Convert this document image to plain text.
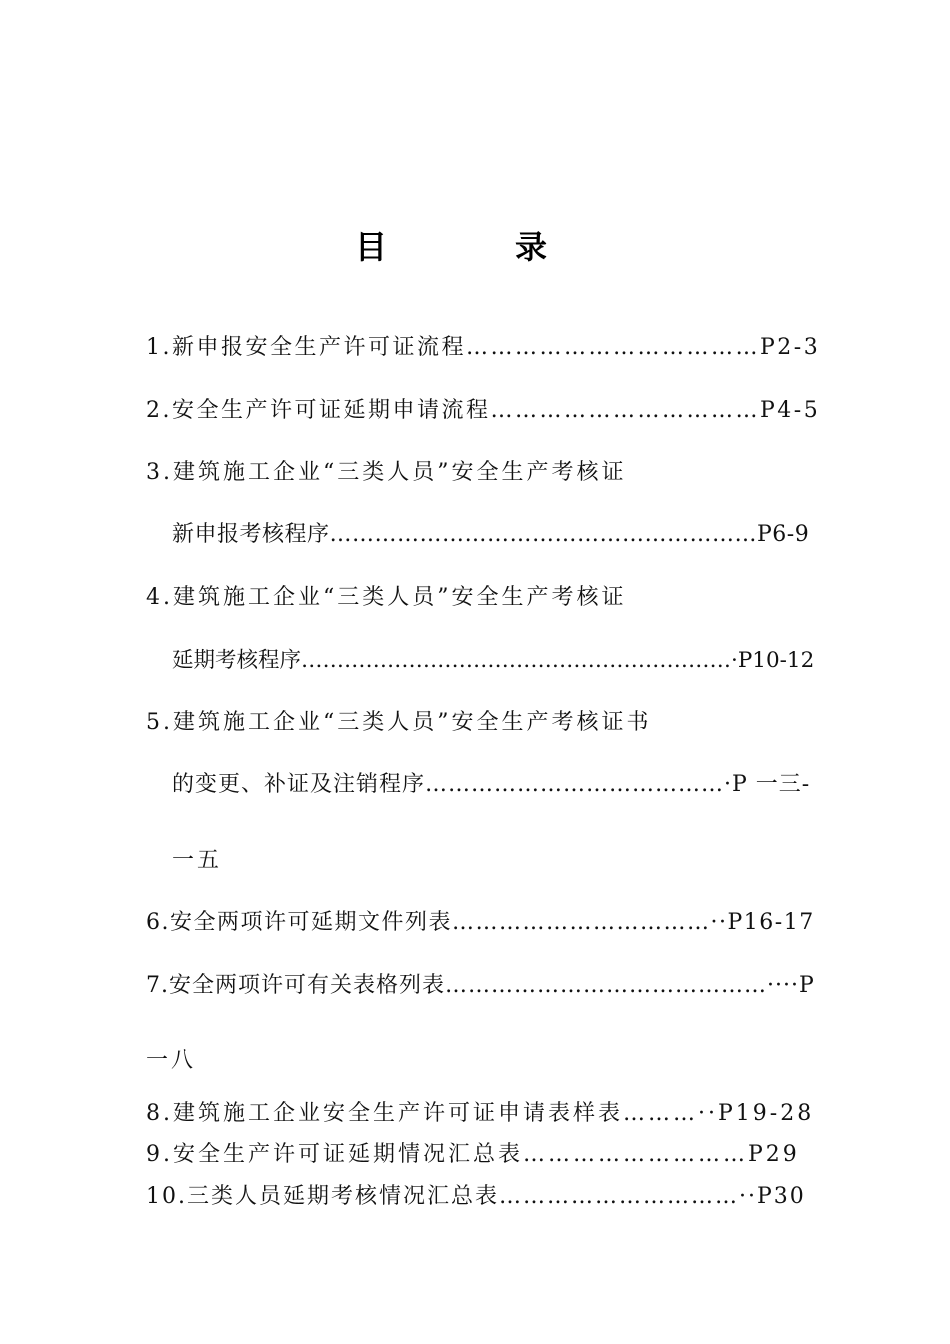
目　录
1.新申报安全生产许可证流程………………………………P2-3
2.安全生产许可证延期申请流程……………………………P4-5
3.建筑施工企业“三类人员”安全生产考核证
新申报考核程序…………………………………………………P6-9
4.建筑施工企业“三类人员”安全生产考核证
延期考核程序……………………………………………………·P10-12
5.建筑施工企业“三类人员”安全生产考核证书
的变更、补证及注销程序…………………………………·P 一三-
一五
6.安全两项许可延期文件列表……………………………··P16-17
7.安全两项许可有关表格列表……………………………………····P
一八
8.建筑施工企业安全生产许可证申请表样表………··P19-28
9.安全生产许可证延期情况汇总表………………………P29
10.三类人员延期考核情况汇总表…………………………··P30
